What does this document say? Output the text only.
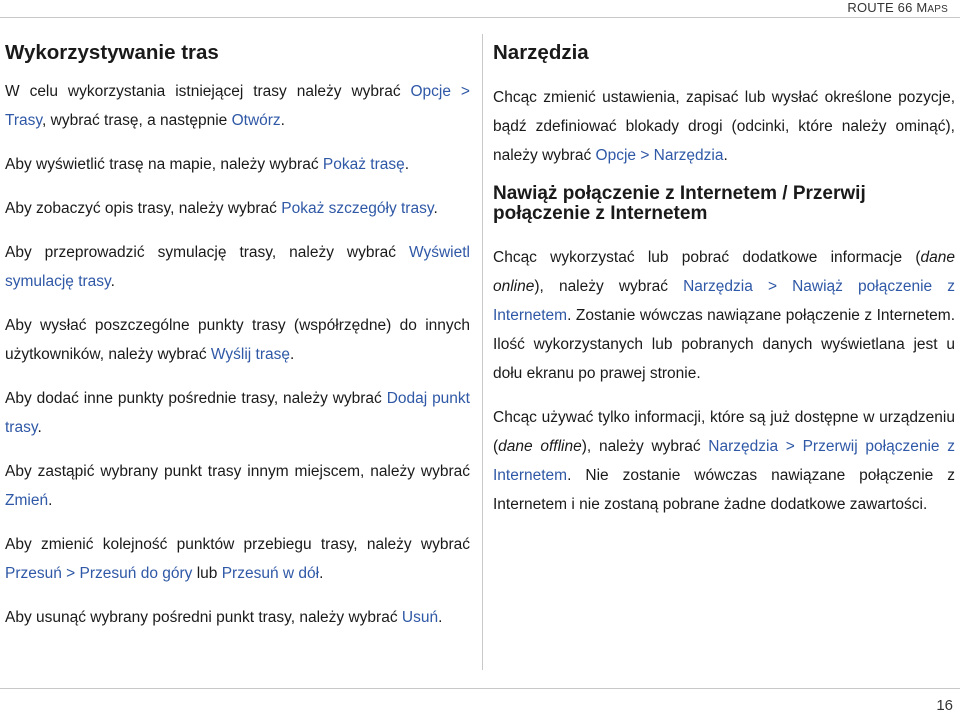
ROUTE 66 MAPS
Wykorzystywanie tras

W celu wykorzystania istniejącej trasy należy wybrać Opcje > Trasy, wybrać trasę, a następnie Otwórz.

Aby wyświetlić trasę na mapie, należy wybrać Pokaż trasę.

Aby zobaczyć opis trasy, należy wybrać Pokaż szczegóły trasy.

Aby przeprowadzić symulację trasy, należy wybrać Wyświetl symulację trasy.

Aby wysłać poszczególne punkty trasy (współrzędne) do innych użytkowników, należy wybrać Wyślij trasę.

Aby dodać inne punkty pośrednie trasy, należy wybrać Dodaj punkt trasy.

Aby zastąpić wybrany punkt trasy innym miejscem, należy wybrać Zmień.

Aby zmienić kolejność punktów przebiegu trasy, należy wybrać Przesuń > Przesuń do góry lub Przesuń w dół.

Aby usunąć wybrany pośredni punkt trasy, należy wybrać Usuń.

Narzędzia

Chcąc zmienić ustawienia, zapisać lub wysłać określone pozycje, bądź zdefiniować blokady drogi (odcinki, które należy ominąć), należy wybrać Opcje > Narzędzia.

Nawiąż połączenie z Internetem / Przerwij połączenie z Internetem

Chcąc wykorzystać lub pobrać dodatkowe informacje (dane online), należy wybrać Narzędzia > Nawiąż połączenie z Internetem. Zostanie wówczas nawiązane połączenie z Internetem. Ilość wykorzystanych lub pobranych danych wyświetlana jest u dołu ekranu po prawej stronie.

Chcąc używać tylko informacji, które są już dostępne w urządzeniu (dane offline), należy wybrać Narzędzia > Przerwij połączenie z Internetem. Nie zostanie wówczas nawiązane połączenie z Internetem i nie zostaną pobrane żadne dodatkowe zawartości.

16
